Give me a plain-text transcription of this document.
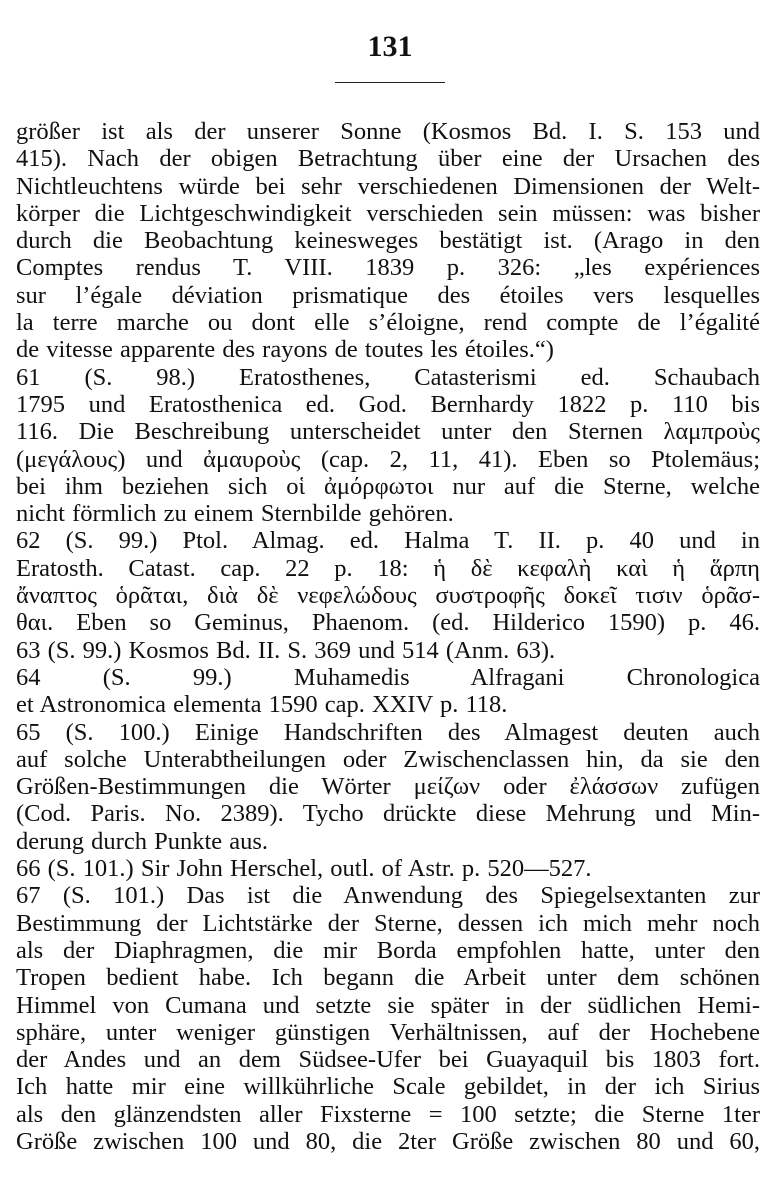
131
größer ist als der unserer Sonne (Kosmos Bd. I. S. 153 und
415). Nach der obigen Betrachtung über eine der Ursachen des
Nichtleuchtens würde bei sehr verschiedenen Dimensionen der Welt-
körper die Lichtgeschwindigkeit verschieden sein müssen: was bisher
durch die Beobachtung keinesweges bestätigt ist. (Arago in den
Comptes rendus T. VIII. 1839 p. 326: „les expériences
sur l’égale déviation prismatique des étoiles vers lesquelles
la terre marche ou dont elle s’éloigne, rend compte de l’égalité
de vitesse apparente des rayons de toutes les étoiles.“)
61 (S. 98.) Eratosthenes, Catasterismi ed. Schaubach
1795 und Eratosthenica ed. God. Bernhardy 1822 p. 110 bis
116. Die Beschreibung unterscheidet unter den Sternen λαμπροὺς
(μεγάλους) und ἀμαυροὺς (cap. 2, 11, 41). Eben so Ptolemäus;
bei ihm beziehen sich οἱ ἀμόρφωτοι nur auf die Sterne, welche
nicht förmlich zu einem Sternbilde gehören.
62 (S. 99.) Ptol. Almag. ed. Halma T. II. p. 40 und in
Eratosth. Catast. cap. 22 p. 18: ἡ δὲ κεφαλὴ καὶ ἡ ἅρπη
ἄναπτος ὁρᾶται, διὰ δὲ νεφελώδους συστροφῆς δοκεῖ τισιν ὁρᾶσ-
θαι. Eben so Geminus, Phaenom. (ed. Hilderico 1590) p. 46.
63 (S. 99.) Kosmos Bd. II. S. 369 und 514 (Anm. 63).
64 (S. 99.) Muhamedis Alfragani Chronologica
et Astronomica elementa 1590 cap. XXIV p. 118.
65 (S. 100.) Einige Handschriften des Almagest deuten auch
auf solche Unterabtheilungen oder Zwischenclassen hin, da sie den
Größen-Bestimmungen die Wörter μείζων oder ἐλάσσων zufügen
(Cod. Paris. No. 2389). Tycho drückte diese Mehrung und Min-
derung durch Punkte aus.
66 (S. 101.) Sir John Herschel, outl. of Astr. p. 520—527.
67 (S. 101.) Das ist die Anwendung des Spiegelsextanten zur
Bestimmung der Lichtstärke der Sterne, dessen ich mich mehr noch
als der Diaphragmen, die mir Borda empfohlen hatte, unter den
Tropen bedient habe. Ich begann die Arbeit unter dem schönen
Himmel von Cumana und setzte sie später in der südlichen Hemi-
sphäre, unter weniger günstigen Verhältnissen, auf der Hochebene
der Andes und an dem Südsee-Ufer bei Guayaquil bis 1803 fort.
Ich hatte mir eine willkührliche Scale gebildet, in der ich Sirius
als den glänzendsten aller Fixsterne = 100 setzte; die Sterne 1ter
Größe zwischen 100 und 80, die 2ter Größe zwischen 80 und 60,
